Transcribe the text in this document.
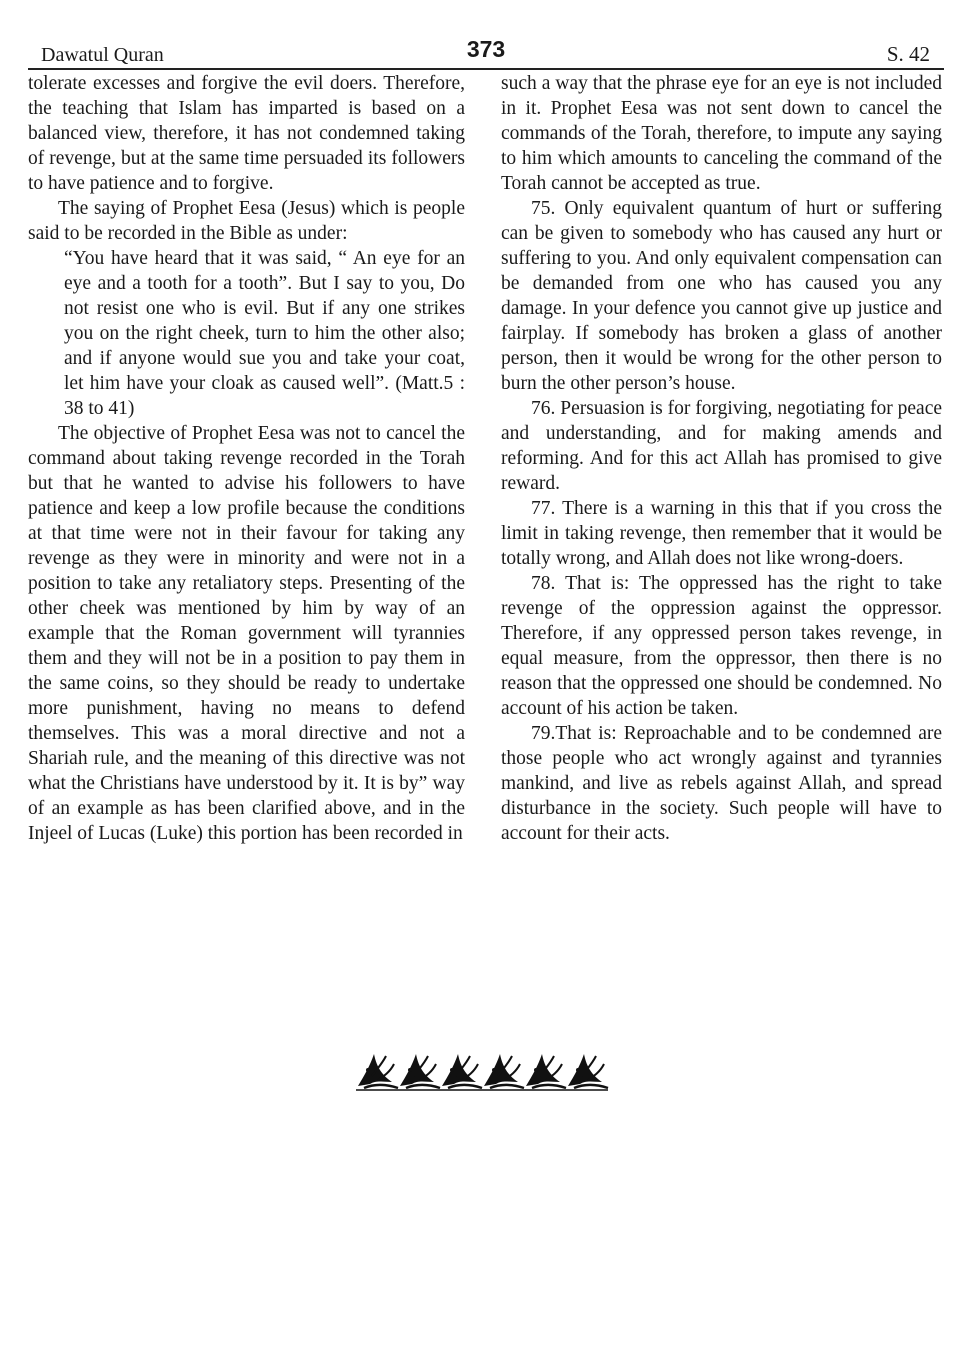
Dawatul Quran	373	S. 42

tolerate excesses and forgive the evil doers. Therefore, the teaching that Islam has imparted is based on a balanced view, therefore, it has not condemned taking of revenge, but at the same time persuaded its followers to have patience and to forgive.

The saying of Prophet Eesa (Jesus) which is people said to be recorded in the Bible as under:

“You have heard that it was said, “ An eye for an eye and a tooth for a tooth”. But I say to you, Do not resist one who is evil. But if any one strikes you on the right cheek, turn to him the other also; and if anyone would sue you and take your coat, let him have your cloak as caused well”. (Matt.5 : 38 to 41)

The objective of Prophet Eesa was not to cancel the command about taking revenge recorded in the Torah but that he wanted to advise his followers to have patience and keep a low profile because the conditions at that time were not in their favour for taking any revenge as they were in minority and were not in a position to take any retaliatory steps. Presenting of the other cheek was mentioned by him by way of an example that the Roman government will tyrannies them and they will not be in a position to pay them in the same coins, so they should be ready to undertake more punishment, having no means to defend themselves. This was a moral directive and not a Shariah rule, and the meaning of this directive was not what the Christians have understood by it. It is by” way of an example as has been clarified above, and in the Injeel of Lucas (Luke) this portion has been recorded in

such a way that the phrase eye for an eye is not included in it. Prophet Eesa was not sent down to cancel the commands of the Torah, therefore, to impute any saying to him which amounts to canceling the command of the Torah cannot be accepted as true.

75. Only equivalent quantum of hurt or suffering can be given to somebody who has caused any hurt or suffering to you. And only equivalent compensation can be demanded from one who has caused you any damage. In your defence you cannot give up justice and fairplay. If somebody has broken a glass of another person, then it would be wrong for the other person to burn the other person’s house.

76. Persuasion is for forgiving, negotiating for peace and understanding, and for making amends and reforming. And for this act Allah has promised to give reward.

77. There is a warning in this that if you cross the limit in taking revenge, then remember that it would be totally wrong, and Allah does not like wrong-doers.

78. That is: The oppressed has the right to take revenge of the oppression against the oppressor. Therefore, if any oppressed person takes revenge, in equal measure, from the oppressor, then there is no reason that the oppressed one should be condemned. No account of his action be taken.

79.That is: Reproachable and to be condemned are those people who act wrongly against and tyrannies mankind, and live as rebels against Allah, and spread disturbance in the society. Such people will have to account for their acts.
